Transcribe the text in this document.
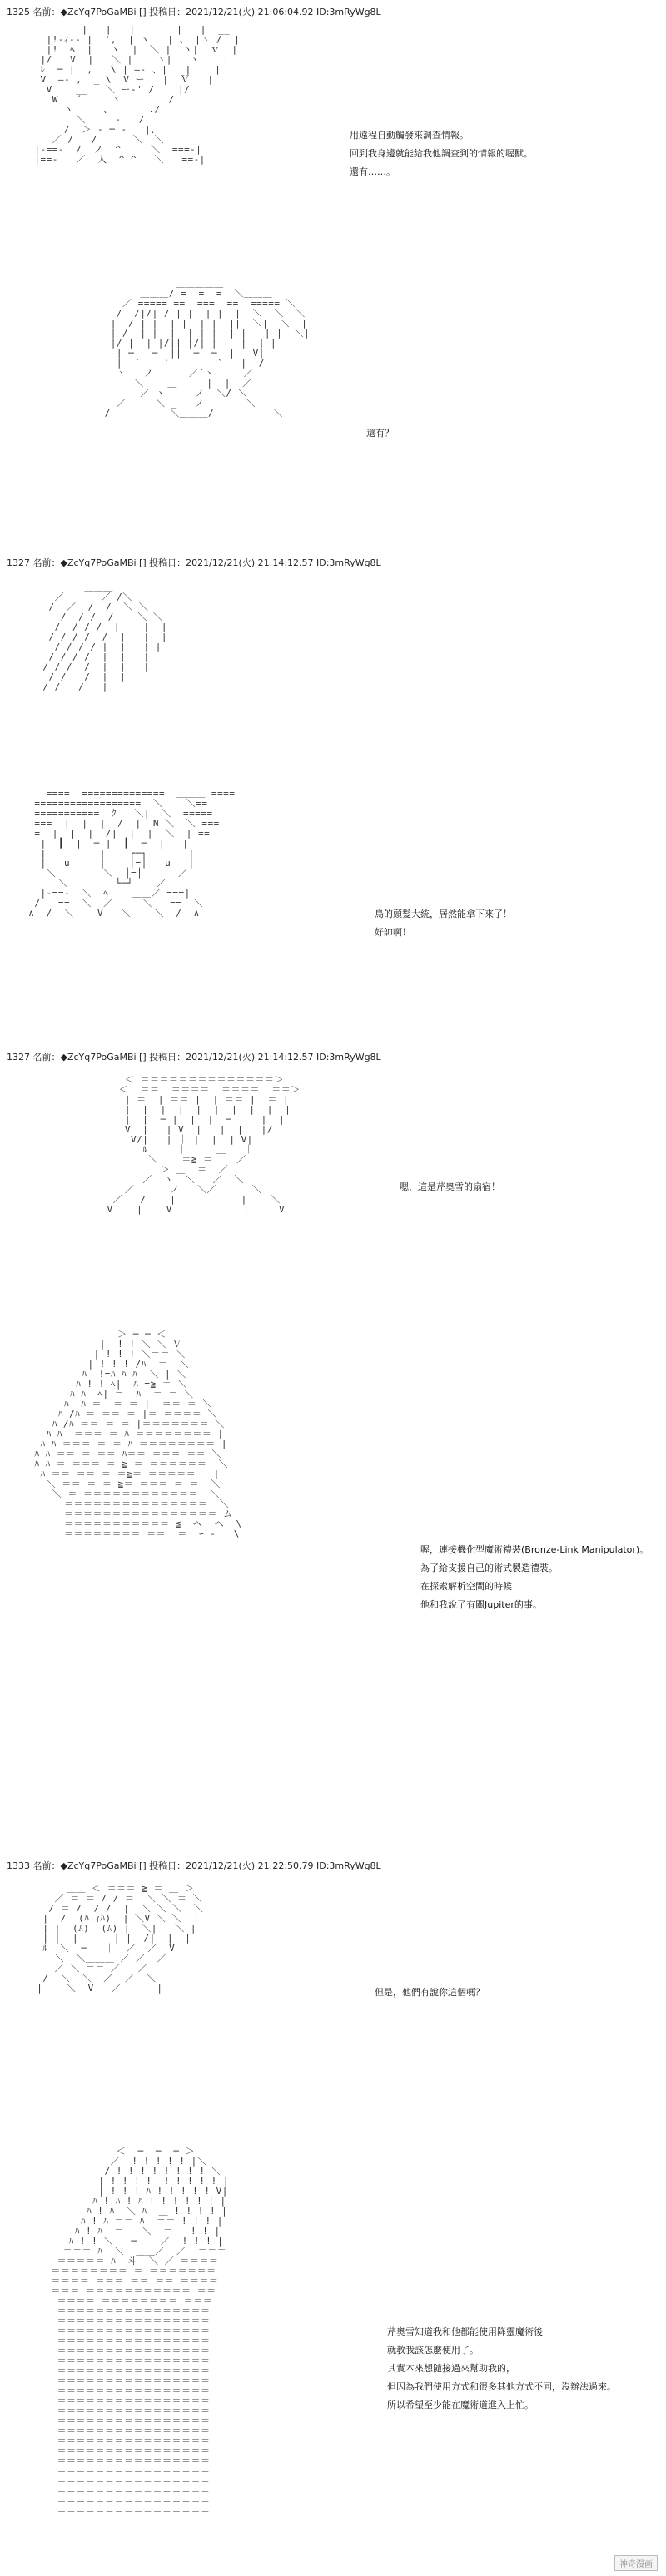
1325 名前：◆ZcYq7PoGaMBi [] 投稿日：2021/12/21(火) 21:06:04.92 ID:3mRyWg8L
|   |   |       |   |  __
|!-ｨ-‐ |  ',  | ヽ   | 、 |ヽ /  |
|!  ﾍ  |   ヽ  |  ＼ |  ヽ|  ｖ  |
|/   V  |   ＼ |    ヽ|   ヽ    |
ﾚ  ─ |  ,   \ | ―- 、|   |    |
V  ―‐ ,  _ \  V ー   |  Ｖ   |
V    __   ＼ ー‐' /    |/
W   ´     ヽ        /
ヽ     、      ./
＼     ‐   /
/  ＞ - ─ ‐   |、
／ /   /      ＼  ＼
|-==-  /  ノ  ^     ＼  ===-|
|==-   ／  人  ^ ^   ＼   ==-|

用遠程自動觸發來調查情報。
回到我身邊就能給我他調查到的情報的喔獸。
還有……。
＿＿＿＿＿
＿＿＿/ =  =  =  ＼＿＿＿
／ ===== ==  ===  ==  ===== ＼
/  /|/| / | |  | |  |  ＼  ＼  ＼
|  / | |  | |  | |  ||  ＼|  ＼  |
| /  | |  |  | | |  | |   | |  ＼|
|/ |  | |/|| |/| | |  |  | |
| ─   ─  ||  ─  ─  |   V|
|  ´    `        `   |  /
ヽ   ノ      ／´ヽ     ／
＼    ＿     |  |  ／
／ ヽ     ノ  ＼/ ＼
／     ＼ _   ノ       ＼
/          ＼＿＿＿/          ＼

還有？
1327 名前：◆ZcYq7PoGaMBi [] 投稿日：2021/12/21(火) 21:14:12.57 ID:3mRyWg8L
＿＿＿
／￣￣   ／ /＼
/  ／  /  /  ＼ ＼
/  / /  /    ＼ ＼
/  / / /  |    |  |
/ / / /  /  |   |  |
/ / / / |  |   | |
/ / / /  |  |   |
/ / /  /  |  |   |
/ /   /  |  |
/ /   /   |

====  ==============  ＿＿＿ ====
==================  ＼    ＼==
===========  ｸ   ＼|  ＼  =====
===  |  |  |  /  |  N ＼  ＼ ===
=  |  |  |  /|  |  |  ＼  | ==
|  ┃  |  ─ |  ┃  ─  |   |
|         |    ┌─┐       |
|   u     |    │=│   u   |
＼        ＼  │=│      ／
＼        └─┘    ／
|-==-  ＼  ﾍ    ＿＿／ ===|
/   ==  ＼  ／     ＼   ==  ＼
∧  /  ＼    V   ＼    ＼  /  ∧	鳥的頭髮大統，居然能拿下來了！
好帥啊！
1327 名前：◆ZcYq7PoGaMBi [] 投稿日：2021/12/21(火) 21:14:12.57 ID:3mRyWg8L
＜ ＝＝＝＝＝＝＝＝＝＝＝＝＝＝＞
＜  ＝＝  ＝＝＝＝  ＝＝＝＝  ＝＝＞
| ＝  | ＝＝ |  | ＝＝ |  ＝ |
|  |  |  |  |  |  |  |  |  |
|  |  ─ |  |  |  ─  |  |  |
V  |   | V  |   |  |   |/
V/|   | ｜ |  |  | V|
ﾙ     ｜     ＿   ｜
＼    ＝≧ ＝    ／
＞ ＿  ＝  ／
／  ヽ  ＼   ／  ＼
／      ノ   ＼／      ＼
／   /    |           |    ＼
V    |    V            |     V

嗯，這是芹奧雪的扇宿！
＞ ─ ─ ＜
|  ! ! ＼ ＼ Ｖ
| ! ! ! ＼＝＝ ＼
| ! ! ! /ﾊ  ＝  ＼
ﾊ  !=ﾊ ﾊ ﾊ  ＼ | ＼
ﾊ ! ! ﾍ|  ﾊ =≧ ＝ ＼
ﾊ ﾊ  ﾍ| ＝  ﾊ  ＝ ＝ ＼
ﾊ  ﾊ ＝  ＝ ＝ |  ＝＝ ＝ ＼
ﾊ /ﾊ ＝ ＝＝ ＝ |＝ ＝＝＝＝ ＼
ﾊ /ﾊ ＝＝ ＝ ＝ |＝＝＝＝＝＝＝ ＼
ﾊ ﾊ  ＝＝＝ ＝ ﾊ ＝＝＝＝＝＝＝＝ |
ﾊ ﾊ ＝＝＝ ＝ ＝ ﾊ ＝＝＝＝＝＝＝＝ |
ﾊ ﾊ ＝＝ ＝ ＝＝ ﾊ＝＝ ＝＝＝ ＝＝ ＼
ﾊ ﾊ ＝ ＝＝＝ ＝ ≧ ＝ ＝＝＝＝＝＝  ＼
ﾊ ＝＝ ＝＝ ＝ ＝≧＝ ＝＝＝＝＝   |
＼ ＝＝ ＝ ＝ ≧＝ ＝＝＝ ＝ ＝  ＼
＼ ＝ ＝＝＝＝＝＝＝＝＝＝＝＝  ＼
＝＝＝＝＝＝＝＝＝＝＝＝＝＝＝  ＼
＝＝＝＝＝＝＝＝＝＝＝＝＝＝＝＝ ム
＝＝＝＝＝＝＝＝＝＝＝ ≦  ヘ  ヘ  \
＝＝＝＝＝＝＝＝ ＝＝  ＝  ｰ ‐   \

喔，連接機化型魔術禮裝(Bronze-Link Manipulator)。
為了給支援自己的術式製造禮裝。
在探索解析空間的時候
他和我說了有關Jupiter的事。
1333 名前：◆ZcYq7PoGaMBi [] 投稿日：2021/12/21(火) 21:22:50.79 ID:3mRyWg8L
＿＿ ＜ ＝＝＝ ≧ ＝ ＿ ＞
／ ＝ ＝ / / ＝  ＼ ＼ ＝ ＼
/ ＝ /  / /  |  ＼ ＼ ＼  ＼
|  /  (ﾊ|ｨﾊ)  | ＼V ＼ ＼  |
| |  (ﾑ)  (ﾑ) |  ＼|   ＼ |
| |  |      | |  /|  |  |
ﾙ  ＼  ─   ｜  ／  ／  V
＼  ＼＿＿＿ ／ ／  ／
／ ＼ ＝＝ ／   ／
/  ＼  ＼  ／  ／  ＼
|    ＼  V   ／      |	但是，他們有說你這個嗎？
＜  ─  ─  ─ ＞
／  ! ! ! ! ! |＼
/ ! ! ! ! ! ! ! ! ＼
| ! ! ! !  ! ! ! ! ! |
| ! ! ! ﾊ ! ! ! ! ! V|
ﾊ ! ﾊ ! ﾊ ! ! ! ! ! ! |
ﾊ ! ﾊ  ＼ ﾊ  ＿ ! ! ! ! |
ﾊ ! ﾊ ＝＝ ﾊ  ＝＝ ! ! ! |
ﾊ ! ﾊ  ＝   ＼  ＝   ! ! |
ﾊ ! ! ＼   ─    ／  ! ! ! |
＝＝＝ ﾊ  ＼  ＿＿／  ／  ＝＝＝
＝＝＝＝＝ ﾊ  斗  ＼ ／ ＝＝＝＝
＝＝＝＝＝＝＝＝ ＝ ＝＝＝＝＝＝＝
＝＝＝＝ ＝＝＝ ＝＝ ＝＝ ＝＝＝＝
＝＝＝ ＝＝＝＝＝＝＝＝＝＝＝ ＝＝
＝＝＝＝ ＝＝＝＝＝＝＝＝ ＝＝＝
＝＝＝＝＝＝＝＝＝＝＝＝＝＝＝＝
＝＝＝＝＝＝＝＝＝＝＝＝＝＝＝＝
＝＝＝＝＝＝＝＝＝＝＝＝＝＝＝＝
＝＝＝＝＝＝＝＝＝＝＝＝＝＝＝＝
＝＝＝＝＝＝＝＝＝＝＝＝＝＝＝＝
＝＝＝＝＝＝＝＝＝＝＝＝＝＝＝＝
＝＝＝＝＝＝＝＝＝＝＝＝＝＝＝＝
＝＝＝＝＝＝＝＝＝＝＝＝＝＝＝＝
＝＝＝＝＝＝＝＝＝＝＝＝＝＝＝＝
＝＝＝＝＝＝＝＝＝＝＝＝＝＝＝＝
＝＝＝＝＝＝＝＝＝＝＝＝＝＝＝＝
＝＝＝＝＝＝＝＝＝＝＝＝＝＝＝＝
＝＝＝＝＝＝＝＝＝＝＝＝＝＝＝＝
＝＝＝＝＝＝＝＝＝＝＝＝＝＝＝＝
＝＝＝＝＝＝＝＝＝＝＝＝＝＝＝＝
＝＝＝＝＝＝＝＝＝＝＝＝＝＝＝＝
＝＝＝＝＝＝＝＝＝＝＝＝＝＝＝＝
＝＝＝＝＝＝＝＝＝＝＝＝＝＝＝＝
＝＝＝＝＝＝＝＝＝＝＝＝＝＝＝＝
＝＝＝＝＝＝＝＝＝＝＝＝＝＝＝＝
＝＝＝＝＝＝＝＝＝＝＝＝＝＝＝＝

芹奧雪知道我和他都能使用降靈魔術後
就教我該怎麼使用了。
其實本來想隨接過來幫助我的，
但因為我們使用方式和很多其他方式不同，沒辦法過來。
所以希望至少能在魔術道進入上忙。
神奇漫画
